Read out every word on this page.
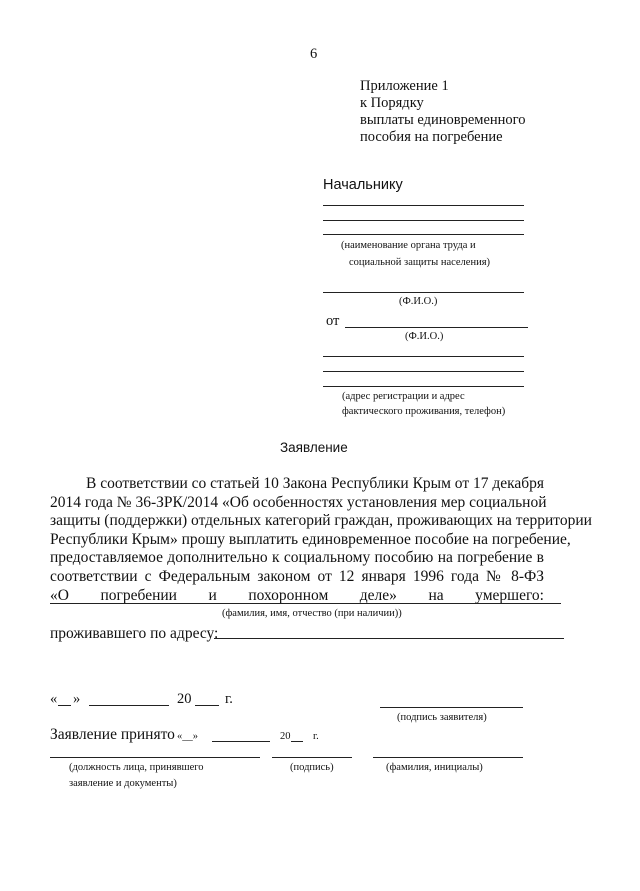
6
Приложение 1
к Порядку
выплаты единовременного
пособия на погребение
Начальнику
(наименование органа труда и
социальной защиты населения)
(Ф.И.О.)
от
(Ф.И.О.)
(адрес регистрации и адрес
фактического проживания, телефон)
Заявление
В соответствии со статьей 10 Закона Республики Крым от 17 декабря
2014 года № 36-ЗРК/2014 «Об особенностях установления мер социальной
защиты (поддержки) отдельных категорий граждан, проживающих на территории
Республики Крым» прошу выплатить единовременное пособие на погребение,
предоставляемое дополнительно к социальному пособию на погребение в
соответствии с Федеральным законом от 12 января 1996 года № 8-ФЗ
«О погребении и похоронном деле» на умершего:
(фамилия, имя, отчество (при наличии))
проживавшего по адресу:
« »	20 г.
(подпись заявителя)
Заявление принято «__»	20 г.
(должность лица, принявшего
заявление и документы)
(подпись)	(фамилия, инициалы)
